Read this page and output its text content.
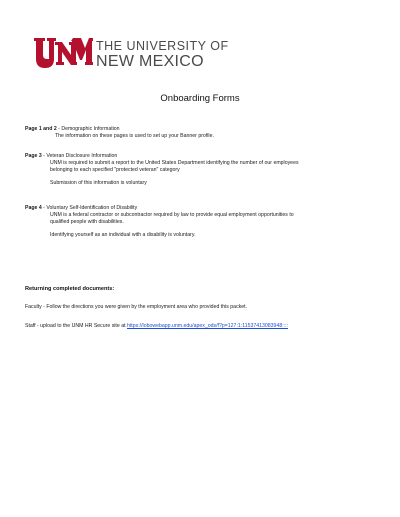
THE UNIVERSITY OF
NEW MEXICO
Onboarding Forms
Page 1 and 2 - Demographic Information
The information on these pages is used to set up your Banner profile.
Page 3 - Veteran Disclosure Information
UNM is required to submit a report to the United States Department identifying the number of our employees
belonging to each specified "protected veteran" category
Submission of this information is voluntary
Page 4 - Voluntary Self-Identification of Disability
UNM is a federal contractor or subcontractor required by law to provide equal employment opportunities to
qualified people with disabilities.
Identifying yourself as an individual with a disability is voluntary.
Returning completed documents:
Faculty - Follow the directions you were given by the employment area who provided this packet.
Staff - upload to the UNM HR Secure site at https://lobowebapp.unm.edu/apex_ods/f?p=127:1:11537413083948::::
